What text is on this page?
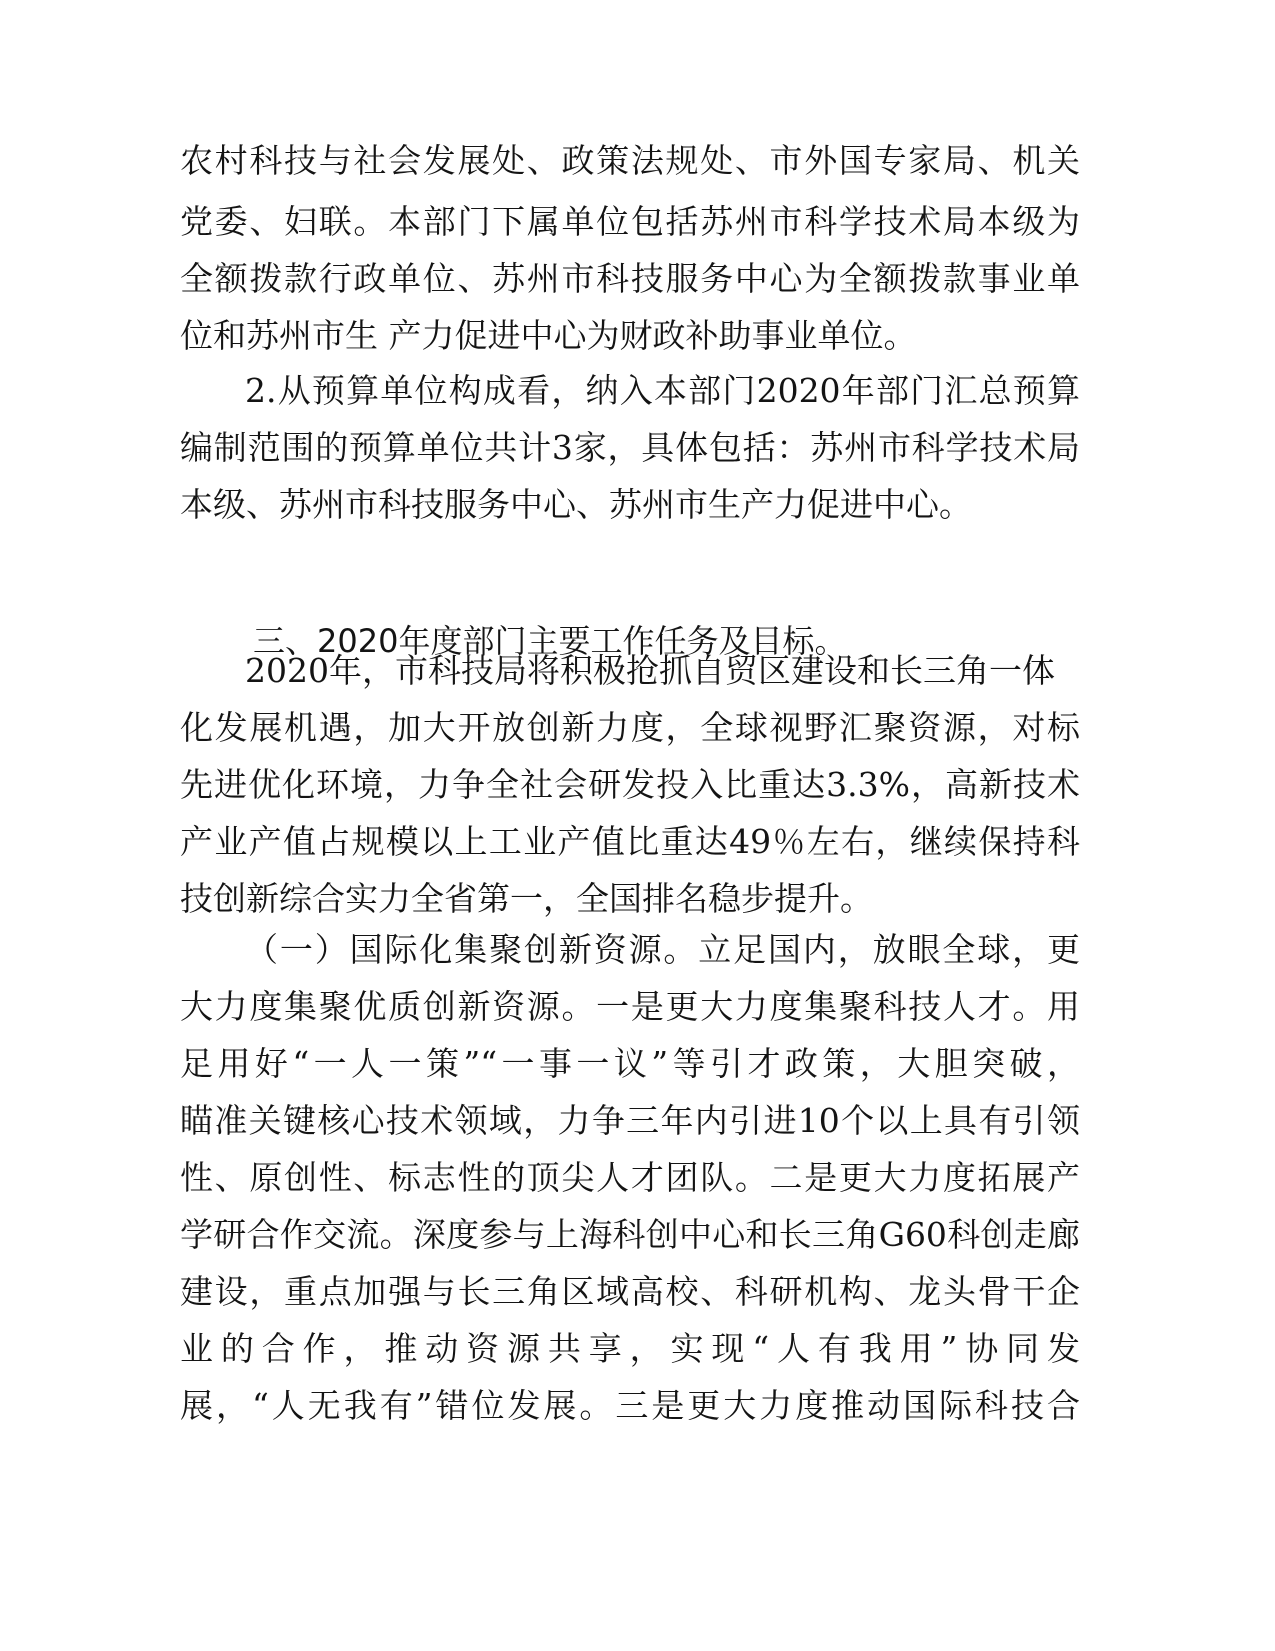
农村科技与社会发展处、政策法规处、市外国专家局、机关
党委、妇联。本部门下属单位包括苏州市科学技术局本级为
全额拨款行政单位、苏州市科技服务中心为全额拨款事业单
位和苏州市生 产力促进中心为财政补助事业单位。
2.从预算单位构成看，纳入本部门2020年部门汇总预算
编制范围的预算单位共计3家，具体包括：苏州市科学技术局
本级、苏州市科技服务中心、苏州市生产力促进中心。
三、2020年度部门主要工作任务及目标。
2020年，市科技局将积极抢抓自贸区建设和长三角一体
化发展机遇，加大开放创新力度，全球视野汇聚资源，对标
先进优化环境，力争全社会研发投入比重达3.3%，高新技术
产业产值占规模以上工业产值比重达49％左右，继续保持科
技创新综合实力全省第一，全国排名稳步提升。
（一）国际化集聚创新资源。立足国内，放眼全球，更
大力度集聚优质创新资源。一是更大力度集聚科技人才。用
足用好“一人一策”“一事一议”等引才政策，大胆突破，
瞄准关键核心技术领域，力争三年内引进10个以上具有引领
性、原创性、标志性的顶尖人才团队。二是更大力度拓展产
学研合作交流。深度参与上海科创中心和长三角G60科创走廊
建设，重点加强与长三角区域高校、科研机构、龙头骨干企
业的合作，推动资源共享，实现“人有我用”协同发
展，“人无我有”错位发展。三是更大力度推动国际科技合
